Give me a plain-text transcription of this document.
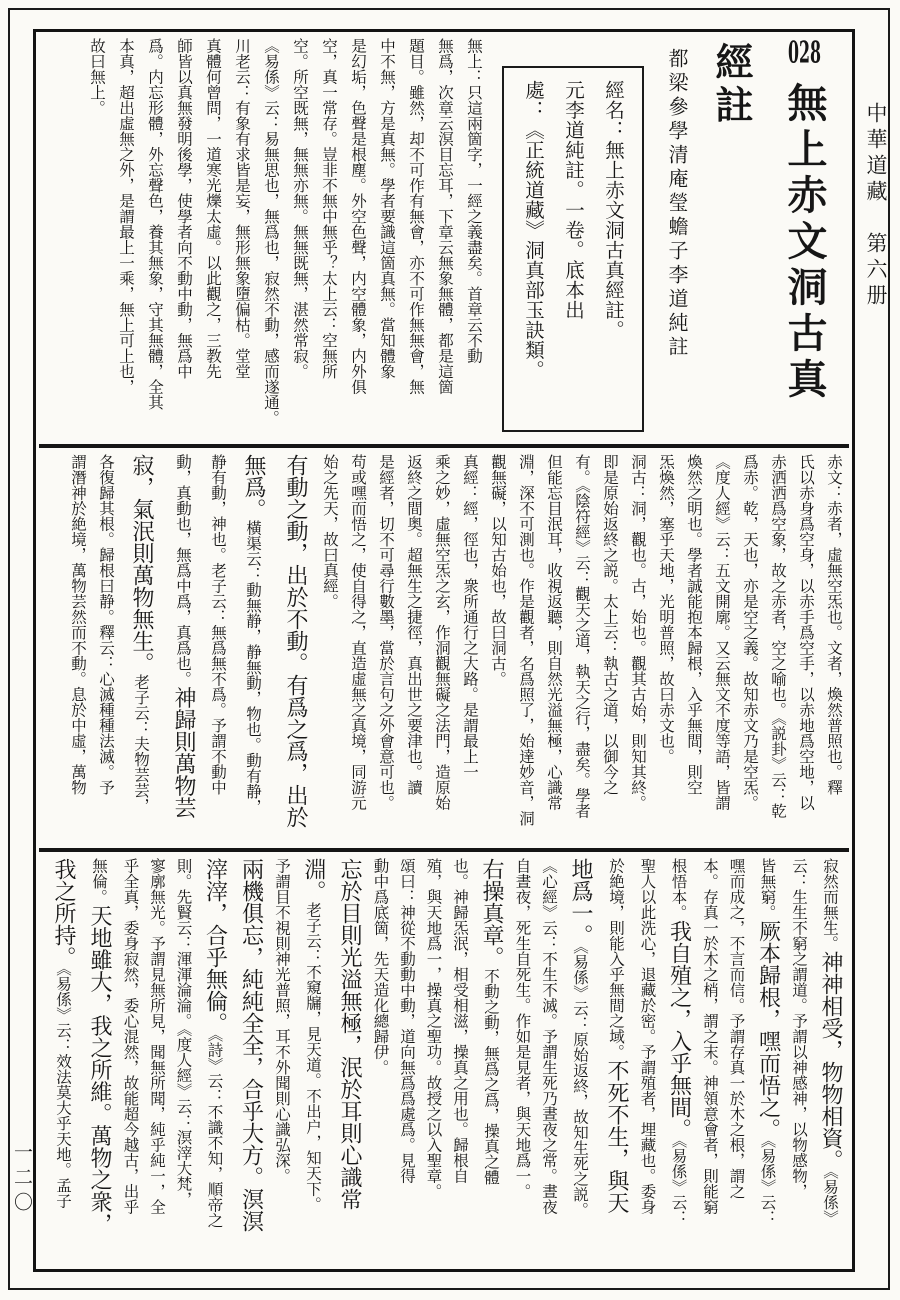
中華道藏　第六册
一二〇
028無上赤文洞古真
經註
都梁參學清庵瑩蟾子李道純註
經名：無上赤文洞古真經註。
元李道純註。一卷。底本出
處：《正統道藏》洞真部玉訣類。
無上：只這兩箇字，一經之義盡矣。首章云不動
無爲，次章云溟目忘耳，下章云無象無體，都是這箇
題目。雖然，却不可作有無會，亦不可作無無會，無
中不無，方是真無。學者要識這箇真無。當知體象
是幻垢，色聲是根塵。外空色聲，内空體象，内外俱
空，真一常存。豈非不無中無乎？太上云：空無所
空。所空既無，無無亦無。無無既無，湛然常寂。
《易係》云：易無思也，無爲也，寂然不動，感而遂通。
川老云：有象有求皆是妄，無形無象墮偏枯。堂堂
真體何曾問，一道寒光爍太虛。以此觀之，三教先
師皆以真無發明後學，使學者向不動中動，無爲中
爲。内忘形體，外忘聲色，養其無象，守其無體，全其
本真，超出虛無之外，是謂最上一乘，無上可上也，
故曰無上。
赤文：赤者，虛無空炁也。文者，煥然普照也。釋
氏以赤身爲空身，以赤手爲空手，以赤地爲空地，以
赤洒洒爲空象，故之赤者，空之喻也。《説卦》云：乾
爲赤。乾，天也，亦是空之義。故知赤文乃是空炁。
《度人經》云：五文開廓。又云無文不度等語，皆謂
煥然之明也。學者誠能抱本歸根，入乎無間，則空
炁煥然，塞乎天地，光明普照，故曰赤文也。
洞古：洞，觀也。古，始也。觀其古始，則知其終。
即是原始返終之説。太上云：執古之道，以御今之
有。《陰符經》云：觀天之道，執天之行，盡矣。學者
但能忘目泯耳，收視返聽，則自然光溢無極，心識常
淵，深不可測也。作是觀者，名爲照了，始達妙音，洞
觀無礙，以知古始也，故曰洞古。
真經：經，徑也，衆所通行之大路。是謂最上一
乘之妙，虛無空炁之玄，作洞觀無礙之法門，造原始
返終之間奥。超無生之捷徑，真出世之要津也。讀
是經者，切不可尋行數墨，當於言句之外會意可也。
苟或嘿而悟之，使自得之，直造虛無之真境，同游元
始之先天，故曰真經。
有動之動，出於不動。有爲之爲，出於
無爲。橫渠云：動無静，静無動，物也。動有静，
静有動，神也。老子云：無爲無不爲。予謂不動中
動，真動也，無爲中爲，真爲也。神歸則萬物芸
寂，氣泯則萬物無生。老子云：夫物芸芸，
各復歸其根。歸根曰静。釋云：心滅種種法滅。予
謂潛神於絶境，萬物芸然而不動。息於中虛，萬物
寂然而無生。神神相受，物物相資。《易係》
云：生生不窮之謂道。予謂以神感神，以物感物，
皆無窮。厥本歸根，嘿而悟之。《易係》云：
嘿而成之，不言而信。予謂存真一於木之根，謂之
本。存真一於木之梢，謂之末。神領意會者，則能窮
根悟本。我自殖之，入乎無間。《易係》云：
聖人以此洗心，退藏於密。予謂殖者，埋藏也。委身
於絶境，則能入乎無間之域。不死不生，與天
地爲一。《易係》云：原始返終，故知生死之説。
《心經》云：不生不滅。予謂生死乃晝夜之常。晝夜
自晝夜，死生自死生。作如是見者，與天地爲一。
右操真章。不動之動，無爲之爲，操真之體
也。神歸炁泯，相受相滋，操真之用也。歸根自
殖，與天地爲一，操真之聖功。故授之以入聖章。
頌曰：神從不動動中動，道向無爲爲處爲。見得
動中爲底箇，先天造化總歸伊。
忘於目則光溢無極，泯於耳則心識常
淵。老子云：不窺牖，見天道。不出户，知天下。
予謂目不視則神光普照，耳不外聞則心識弘深。
兩機俱忘，純純全全，合乎大方。溟溟
滓滓，合乎無倫。《詩》云：不識不知，順帝之
則。先賢云：渾渾淪淪。《度人經》云：溟滓大梵，
寥廓無光。予謂見無所見，聞無所聞，純乎純一，全
乎全真，委身寂然，委心混然，故能超今越古，出乎
無倫。天地雖大，我之所維。萬物之衆，
我之所持。《易係》云：效法莫大乎天地。孟子
